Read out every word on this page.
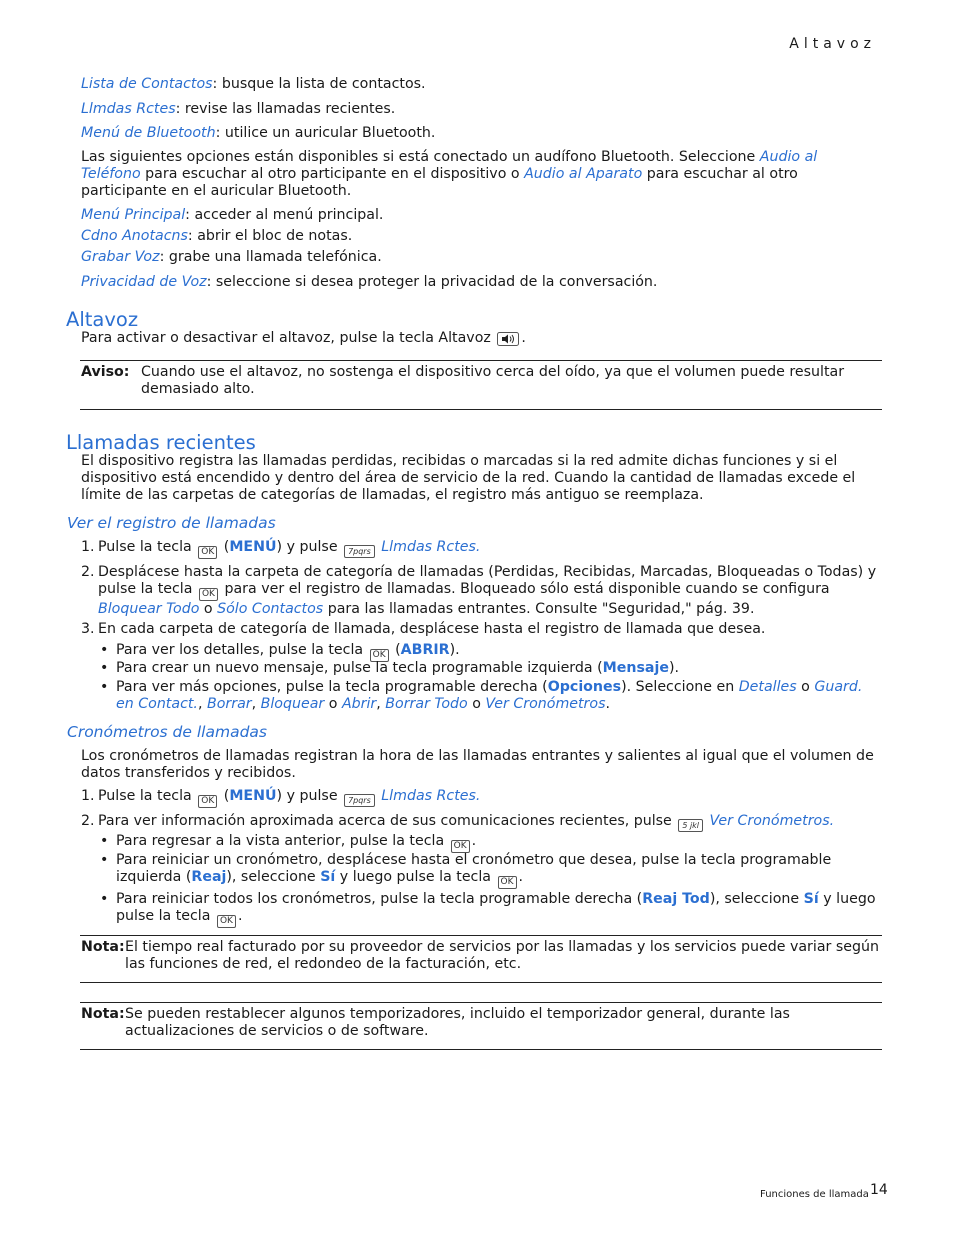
Altavoz
Lista de Contactos: busque la lista de contactos.
Llmdas Rctes: revise las llamadas recientes.
Menú de Bluetooth: utilice un auricular Bluetooth.
Las siguientes opciones están disponibles si está conectado un audífono Bluetooth. Seleccione Audio al Teléfono para escuchar al otro participante en el dispositivo o Audio al Aparato para escuchar al otro participante en el auricular Bluetooth.
Menú Principal: acceder al menú principal.
Cdno Anotacns: abrir el bloc de notas.
Grabar Voz: grabe una llamada telefónica.
Privacidad de Voz: seleccione si desea proteger la privacidad de la conversación.
Altavoz
Para activar o desactivar el altavoz, pulse la tecla Altavoz .
Aviso: Cuando use el altavoz, no sostenga el dispositivo cerca del oído, ya que el volumen puede resultar demasiado alto.
Llamadas recientes
El dispositivo registra las llamadas perdidas, recibidas o marcadas si la red admite dichas funciones y si el dispositivo está encendido y dentro del área de servicio de la red. Cuando la cantidad de llamadas excede el límite de las carpetas de categorías de llamadas, el registro más antiguo se reemplaza.
Ver el registro de llamadas
1. Pulse la tecla OK (MENÚ) y pulse 7pqrs Llmdas Rctes.
2. Desplácese hasta la carpeta de categoría de llamadas (Perdidas, Recibidas, Marcadas, Bloqueadas o Todas) y pulse la tecla OK para ver el registro de llamadas. Bloqueado sólo está disponible cuando se configura Bloquear Todo o Sólo Contactos para las llamadas entrantes. Consulte "Seguridad," pág. 39.
3. En cada carpeta de categoría de llamada, desplácese hasta el registro de llamada que desea.
• Para ver los detalles, pulse la tecla OK (ABRIR).
• Para crear un nuevo mensaje, pulse la tecla programable izquierda (Mensaje).
• Para ver más opciones, pulse la tecla programable derecha (Opciones). Seleccione en Detalles o Guard. en Contact., Borrar, Bloquear o Abrir, Borrar Todo o Ver Cronómetros.
Cronómetros de llamadas
Los cronómetros de llamadas registran la hora de las llamadas entrantes y salientes al igual que el volumen de datos transferidos y recibidos.
1. Pulse la tecla OK (MENÚ) y pulse 7pqrs Llmdas Rctes.
2. Para ver información aproximada acerca de sus comunicaciones recientes, pulse 5 jkl Ver Cronómetros.
• Para regresar a la vista anterior, pulse la tecla OK .
• Para reiniciar un cronómetro, desplácese hasta el cronómetro que desea, pulse la tecla programable izquierda (Reaj), seleccione Sí y luego pulse la tecla OK .
• Para reiniciar todos los cronómetros, pulse la tecla programable derecha (Reaj Tod), seleccione Sí y luego pulse la tecla OK .
Nota: El tiempo real facturado por su proveedor de servicios por las llamadas y los servicios puede variar según las funciones de red, el redondeo de la facturación, etc.
Nota: Se pueden restablecer algunos temporizadores, incluido el temporizador general, durante las actualizaciones de servicios o de software.
Funciones de llamada 14
